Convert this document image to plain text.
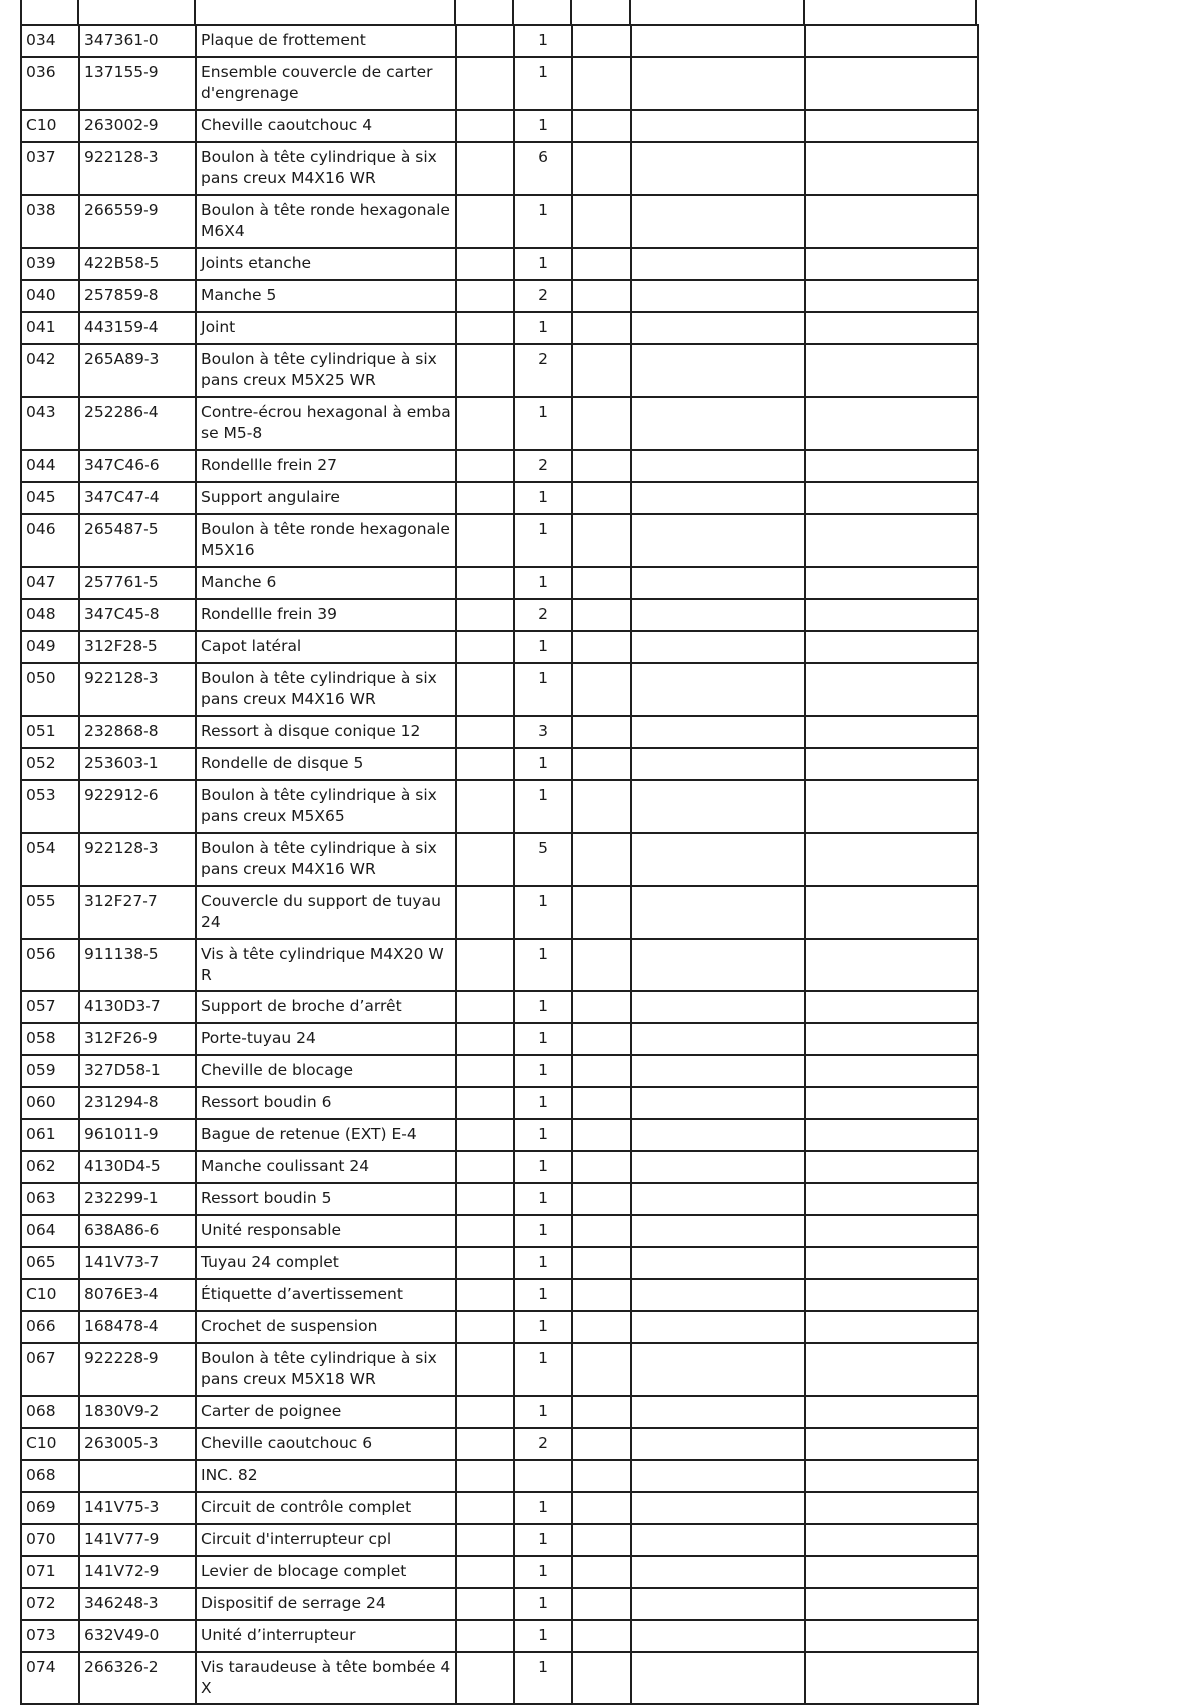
034	347361-0	Plaque de frottement		1			
036	137155-9	Ensemble couvercle de carter d'engrenage		1			
C10	263002-9	Cheville caoutchouc 4		1			
037	922128-3	Boulon à tête cylindrique à six pans creux M4X16 WR		6			
038	266559-9	Boulon à tête ronde hexagonale M6X4		1			
039	422B58-5	Joints etanche		1			
040	257859-8	Manche 5		2			
041	443159-4	Joint		1			
042	265A89-3	Boulon à tête cylindrique à six pans creux M5X25 WR		2			
043	252286-4	Contre-écrou hexagonal à embase M5-8		1			
044	347C46-6	Rondellle frein 27		2			
045	347C47-4	Support angulaire		1			
046	265487-5	Boulon à tête ronde hexagonale M5X16		1			
047	257761-5	Manche 6		1			
048	347C45-8	Rondellle frein 39		2			
049	312F28-5	Capot latéral		1			
050	922128-3	Boulon à tête cylindrique à six pans creux M4X16 WR		1			
051	232868-8	Ressort à disque conique 12		3			
052	253603-1	Rondelle de disque 5		1			
053	922912-6	Boulon à tête cylindrique à six pans creux M5X65		1			
054	922128-3	Boulon à tête cylindrique à six pans creux M4X16 WR		5			
055	312F27-7	Couvercle du support de tuyau 24		1			
056	911138-5	Vis à tête cylindrique M4X20 WR		1			
057	4130D3-7	Support de broche d’arrêt		1			
058	312F26-9	Porte-tuyau 24		1			
059	327D58-1	Cheville de blocage		1			
060	231294-8	Ressort boudin 6		1			
061	961011-9	Bague de retenue (EXT) E-4		1			
062	4130D4-5	Manche coulissant 24		1			
063	232299-1	Ressort boudin 5		1			
064	638A86-6	Unité responsable		1			
065	141V73-7	Tuyau 24 complet		1			
C10	8076E3-4	Étiquette d’avertissement		1			
066	168478-4	Crochet de suspension		1			
067	922228-9	Boulon à tête cylindrique à six pans creux M5X18 WR		1			
068	1830V9-2	Carter de poignee		1			
C10	263005-3	Cheville caoutchouc 6		2			
068		INC. 82					
069	141V75-3	Circuit de contrôle complet		1			
070	141V77-9	Circuit d'interrupteur cpl		1			
071	141V72-9	Levier de blocage complet		1			
072	346248-3	Dispositif de serrage 24		1			
073	632V49-0	Unité d’interrupteur		1			
074	266326-2	Vis taraudeuse à tête bombée 4X		1			
